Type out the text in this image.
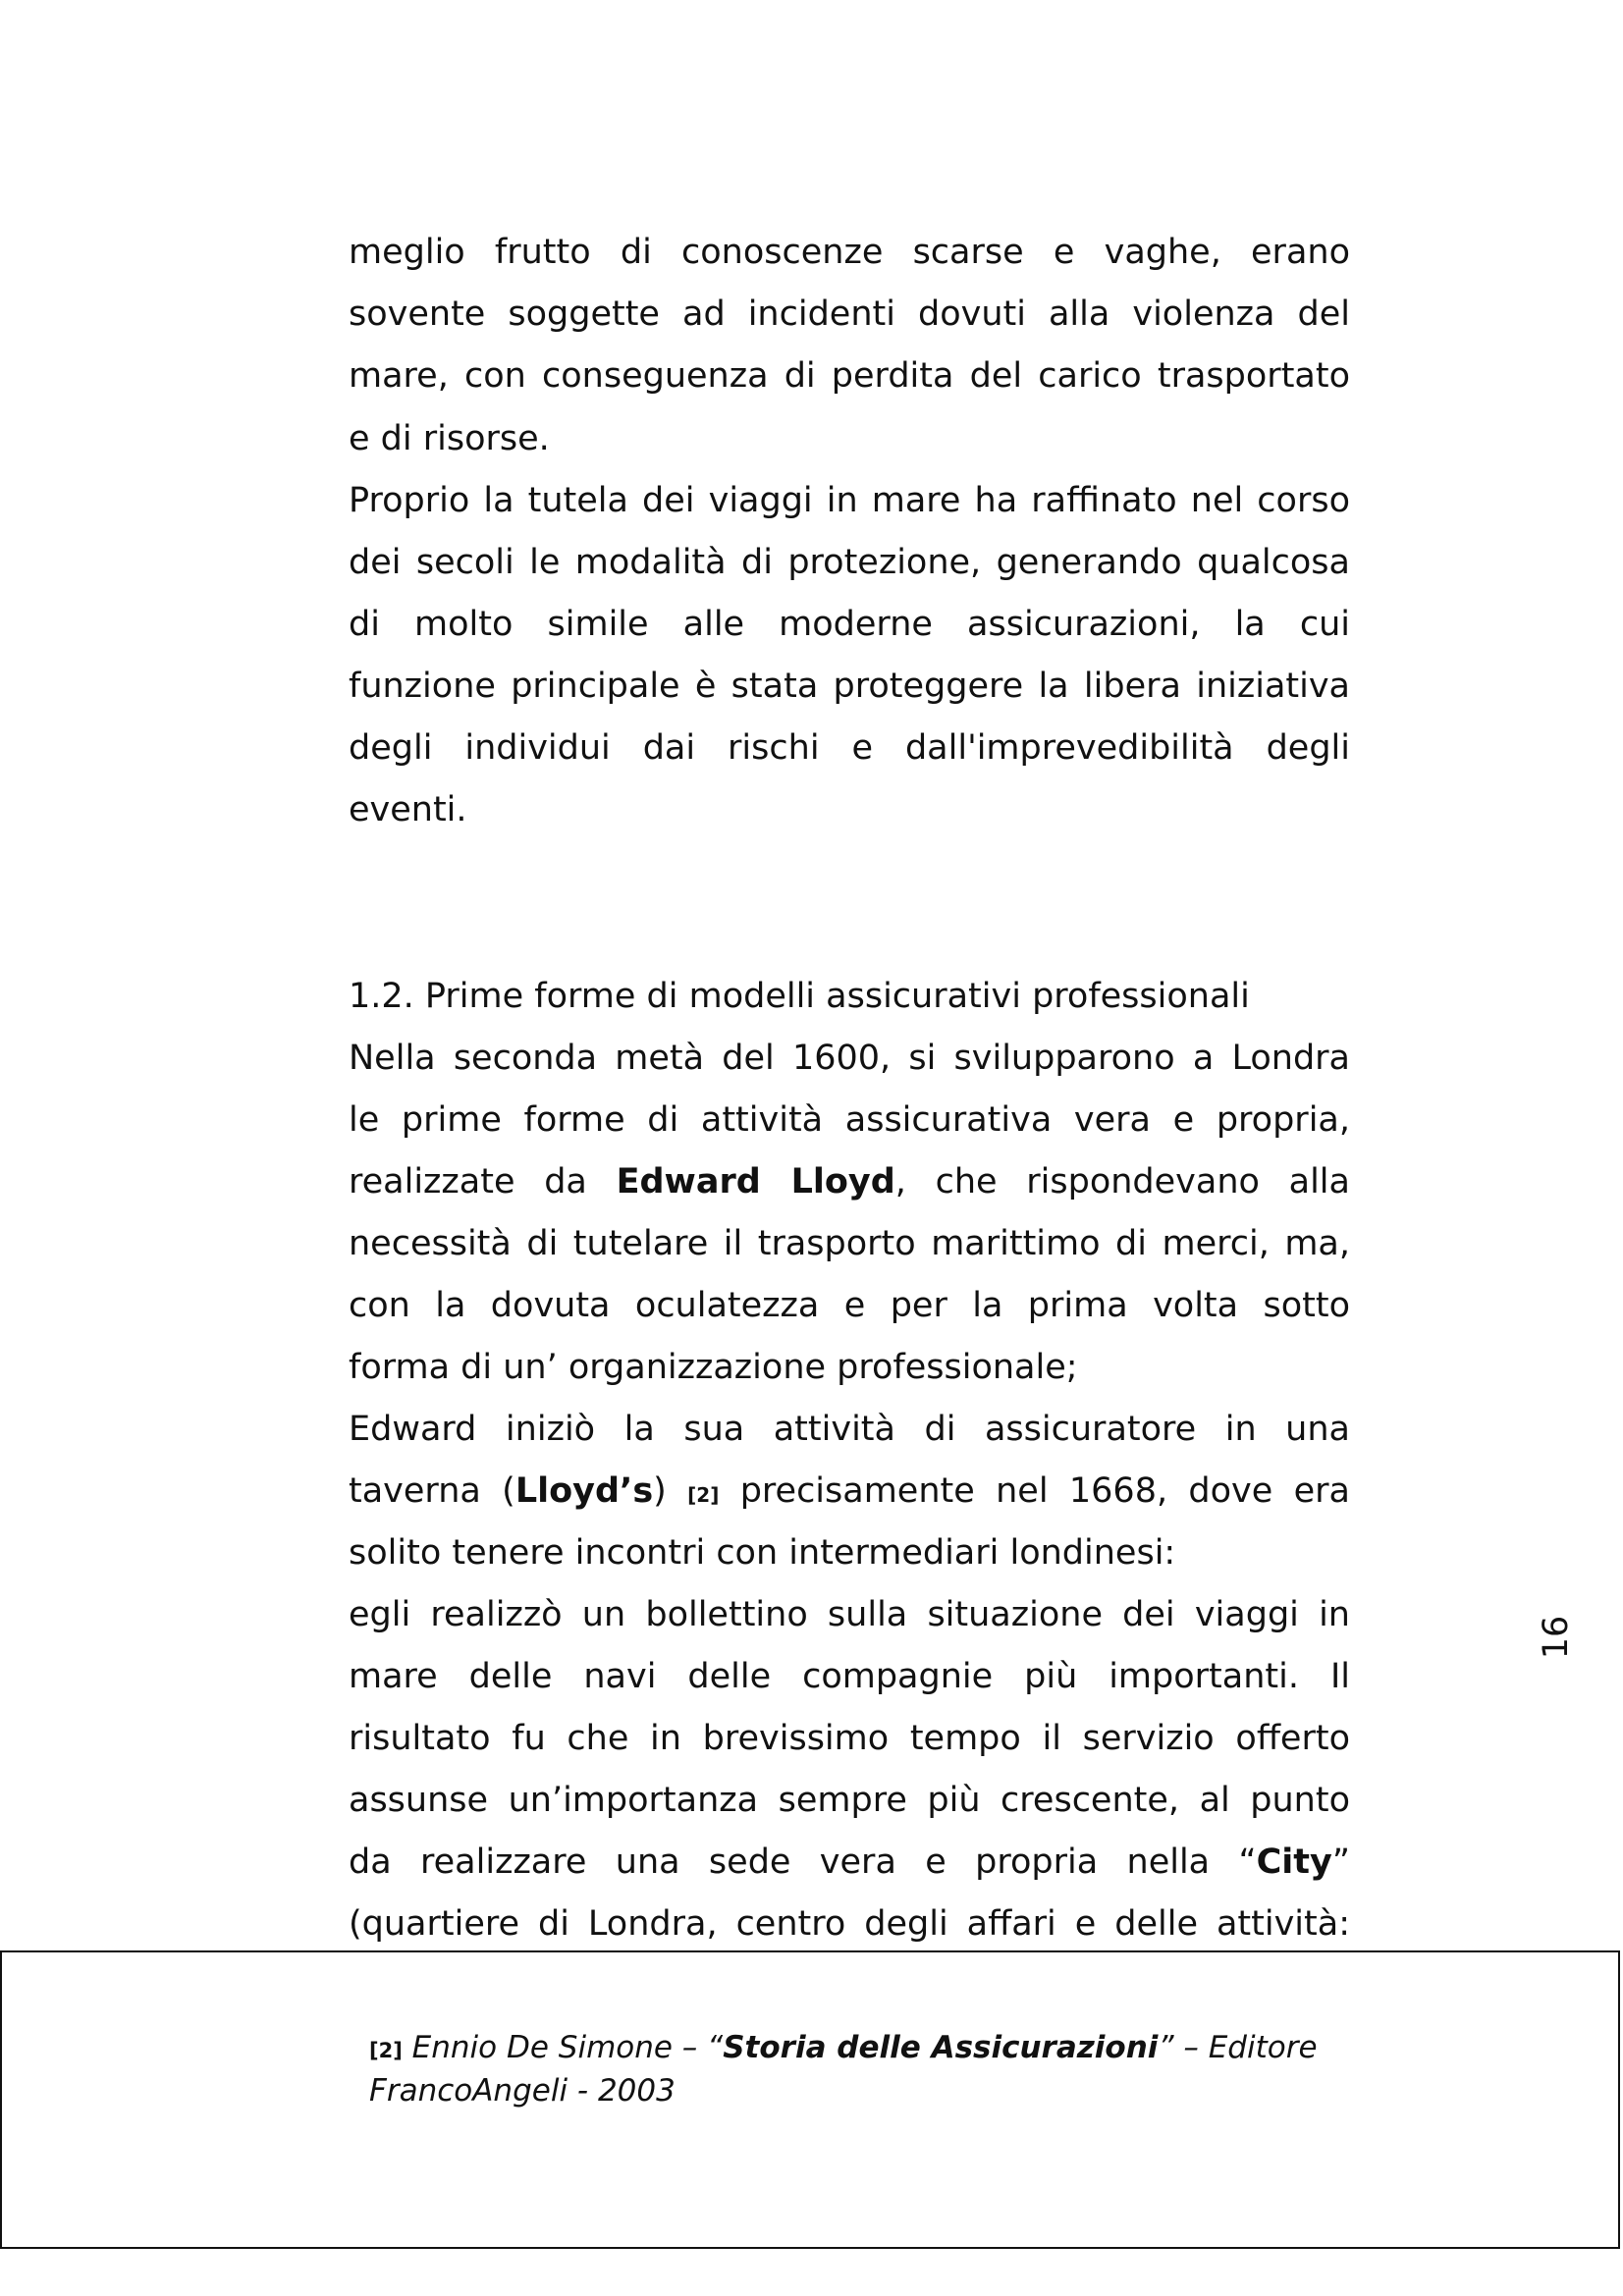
meglio frutto di conoscenze scarse e vaghe, erano
sovente soggette ad incidenti dovuti alla violenza del
mare, con conseguenza di perdita del carico trasportato
e di risorse.
Proprio la tutela dei viaggi in mare ha raffinato nel corso
dei secoli le modalità di protezione, generando qualcosa
di molto simile alle moderne assicurazioni, la cui
funzione principale è stata proteggere la libera iniziativa
degli individui dai rischi e dall'imprevedibilità degli
eventi.
1.2. Prime forme di modelli assicurativi professionali
Nella seconda metà del 1600, si svilupparono a Londra
le prime forme di attività assicurativa vera e propria,
realizzate da Edward Lloyd, che rispondevano alla
necessità di tutelare il trasporto marittimo di merci, ma,
con la dovuta oculatezza e per la prima volta sotto
forma di un’ organizzazione professionale;
Edward iniziò la sua attività di assicuratore in una
taverna (Lloyd’s) [2] precisamente nel 1668, dove era
solito tenere incontri con intermediari londinesi:
egli realizzò un bollettino sulla situazione dei viaggi in
mare delle navi delle compagnie più importanti. Il
risultato fu che in brevissimo tempo il servizio offerto
assunse un’importanza sempre più crescente, al punto
da realizzare una sede vera e propria nella “City”
(quartiere di Londra, centro degli affari e delle attività:
[2] Ennio De Simone – “Storia delle Assicurazioni” – Editore
FrancoAngeli - 2003
16
